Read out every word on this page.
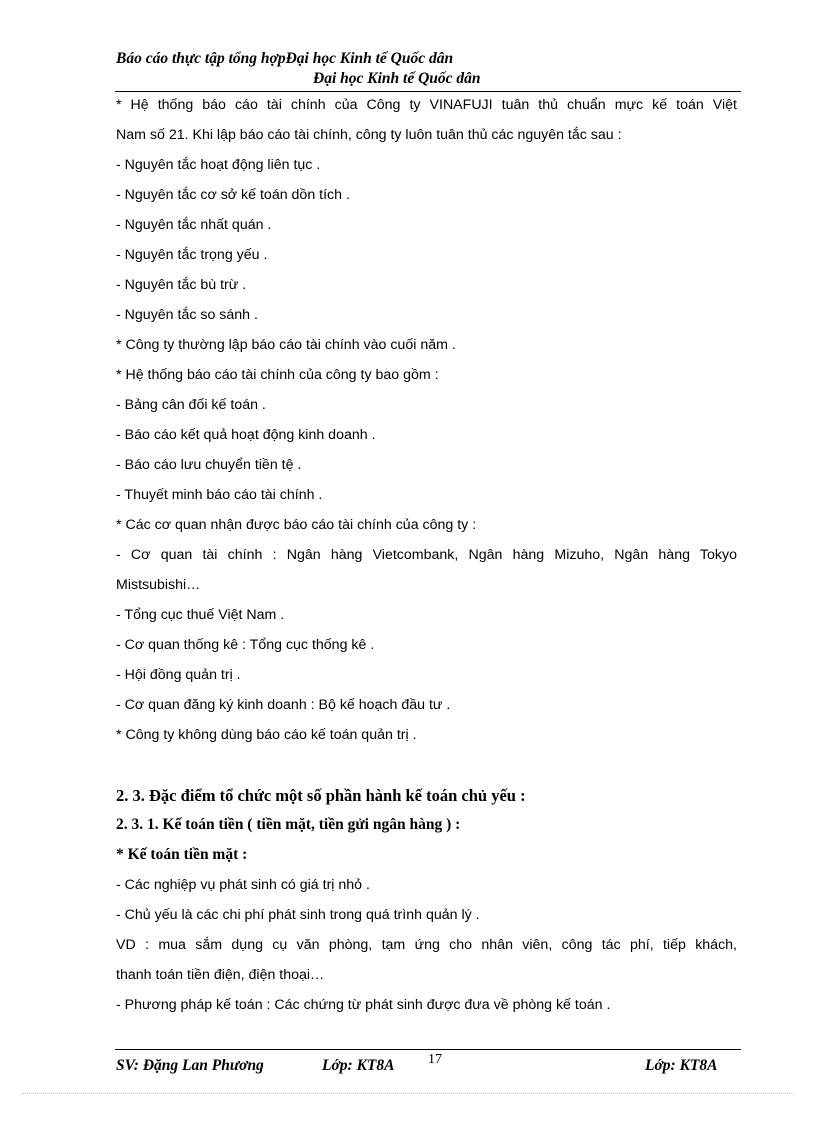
Báo cáo thực tập tổng hợpĐại học Kinh tế Quốc dân
Đại học Kinh tế Quốc dân
* Hệ thống báo cáo tài chính của Công ty VINAFUJI tuân thủ chuẩn mực kế toán Việt
Nam số 21. Khi lập báo cáo tài chính, công ty luôn tuân thủ các nguyên tắc sau :
- Nguyên tắc hoạt động liên tục .
- Nguyên tắc cơ sở kế toán dồn tích .
- Nguyên tắc nhất quán .
- Nguyên tắc trọng yếu .
- Nguyên tắc bù trừ .
- Nguyên tắc so sánh .
* Công ty thường lập báo cáo tài chính vào cuối năm .
* Hệ thống báo cáo tài chính của công ty bao gồm :
- Bảng cân đối kế toán .
- Báo cáo kết quả hoạt động kinh doanh .
- Báo cáo lưu chuyển tiền tệ .
- Thuyết minh báo cáo tài chính .
* Các cơ quan nhận được báo cáo tài chính của công ty :
- Cơ quan tài chính : Ngân hàng Vietcombank, Ngân hàng Mizuho, Ngân hàng Tokyo
Mistsubishi…
- Tổng cục thuế Việt Nam .
- Cơ quan thống kê : Tổng cục thống kê .
- Hội đồng quản trị .
- Cơ quan đăng ký kinh doanh : Bộ kế hoạch đầu tư .
* Công ty không dùng báo cáo kế toán quản trị .
2. 3. Đặc điểm tổ chức một số phần hành kế toán chủ yếu :
2. 3. 1. Kế toán tiền ( tiền mặt, tiền gửi ngân hàng ) :
* Kế toán tiền mặt :
- Các nghiệp vụ phát sinh có giá trị nhỏ .
- Chủ yếu là các chi phí phát sinh trong quá trình quản lý .
VD : mua sắm dụng cụ văn phòng, tạm ứng cho nhân viên, công tác phí, tiếp khách,
thanh toán tiền điện, điện thoại…
- Phương pháp kế toán : Các chứng từ phát sinh được đưa về phòng kế toán .
SV: Đặng Lan Phương	Lớp: KT8A 17	Lớp: KT8A
